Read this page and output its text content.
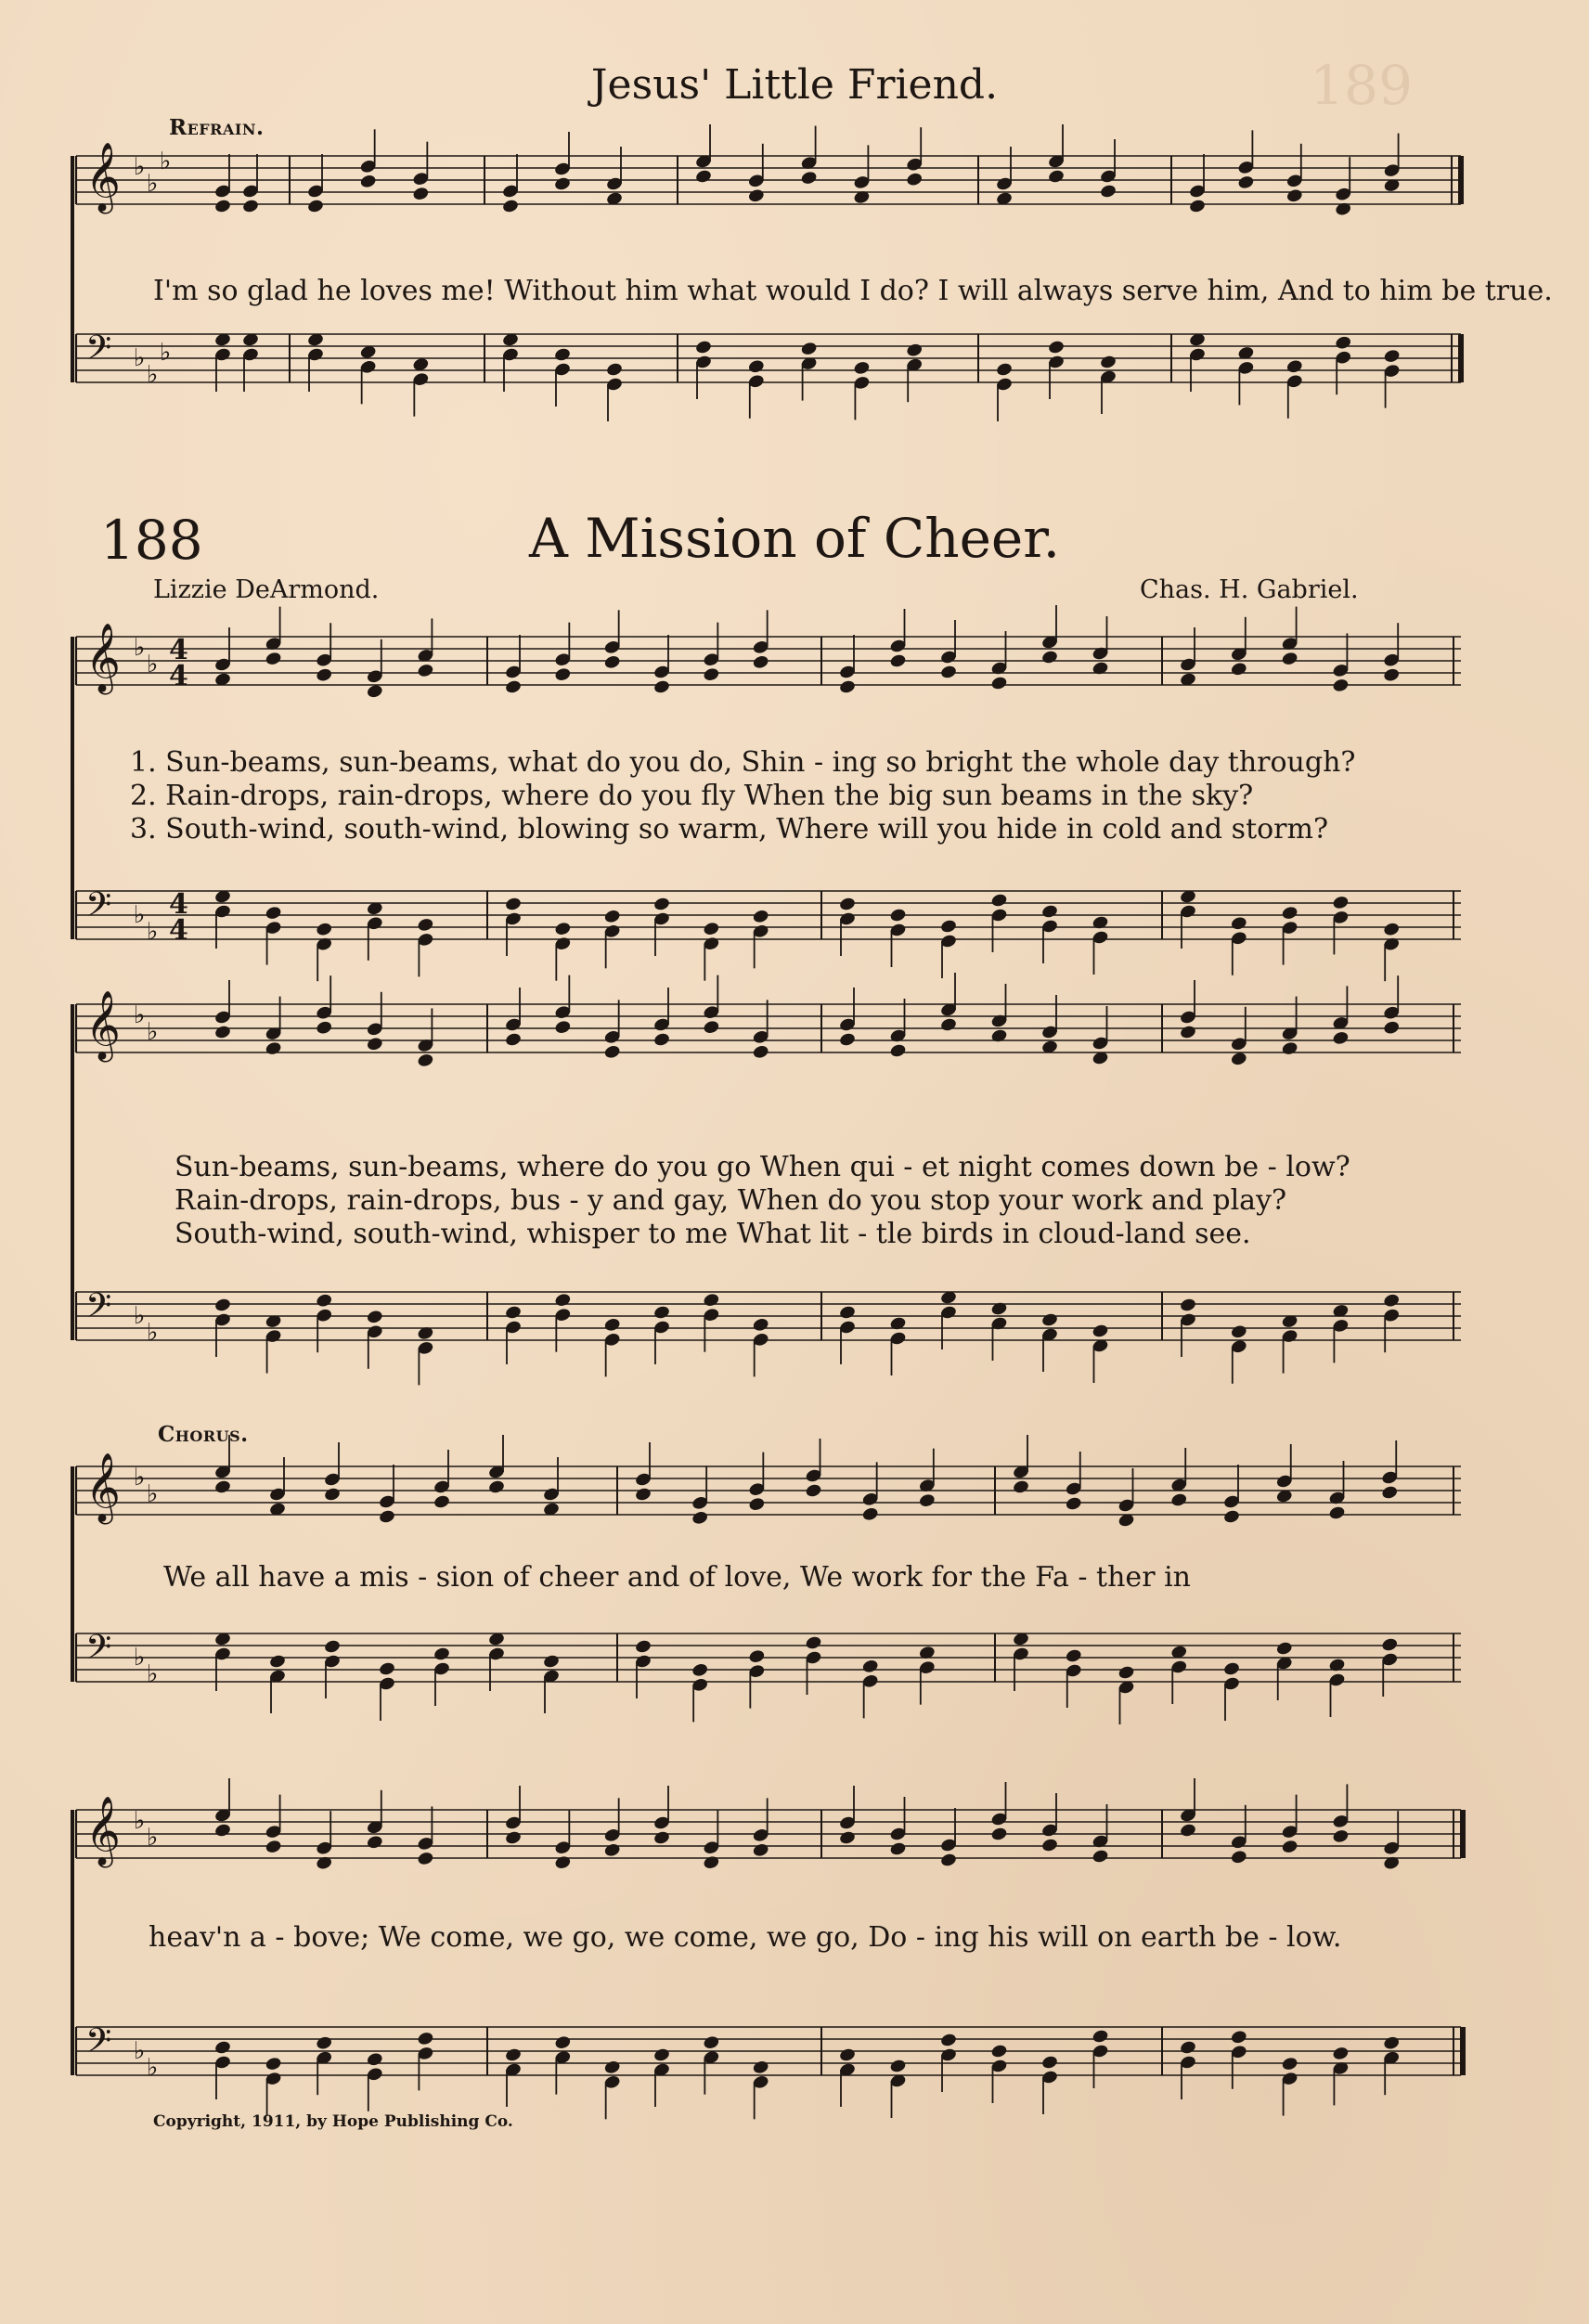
189
Jesus' Little Friend.
Refrain.
𝄞 ♭
♭
♭
𝄢 ♭
♭
♭
𝄞 ♭
♭ 4
4
𝄢 ♭
♭
4
4
𝄞 ♭
♭
𝄢 ♭
♭
𝄞 ♭
♭
𝄢 ♭
♭
𝄞 ♭
♭
𝄢 ♭
♭
I'm so glad he loves me! Without him what would I do? I will always serve him, And to him be true.
188	A Mission of Cheer.
Lizzie DeArmond.	Chas. H. Gabriel.
1. Sun-beams, sun-beams, what do you do, Shin - ing so bright the whole day through?
2. Rain-drops, rain-drops, where do you fly When the big sun beams in the sky?
3. South-wind, south-wind, blowing so warm, Where will you hide in cold and storm?
Sun-beams, sun-beams, where do you go When qui - et night comes down be - low?
Rain-drops, rain-drops, bus - y and gay, When do you stop your work and play?
South-wind, south-wind, whisper to me What lit - tle birds in cloud-land see.
Chorus.
We all have a mis - sion of cheer and of love, We work for the Fa - ther in
heav'n a - bove; We come, we go, we come, we go, Do - ing his will on earth be - low.
Copyright, 1911, by Hope Publishing Co.
